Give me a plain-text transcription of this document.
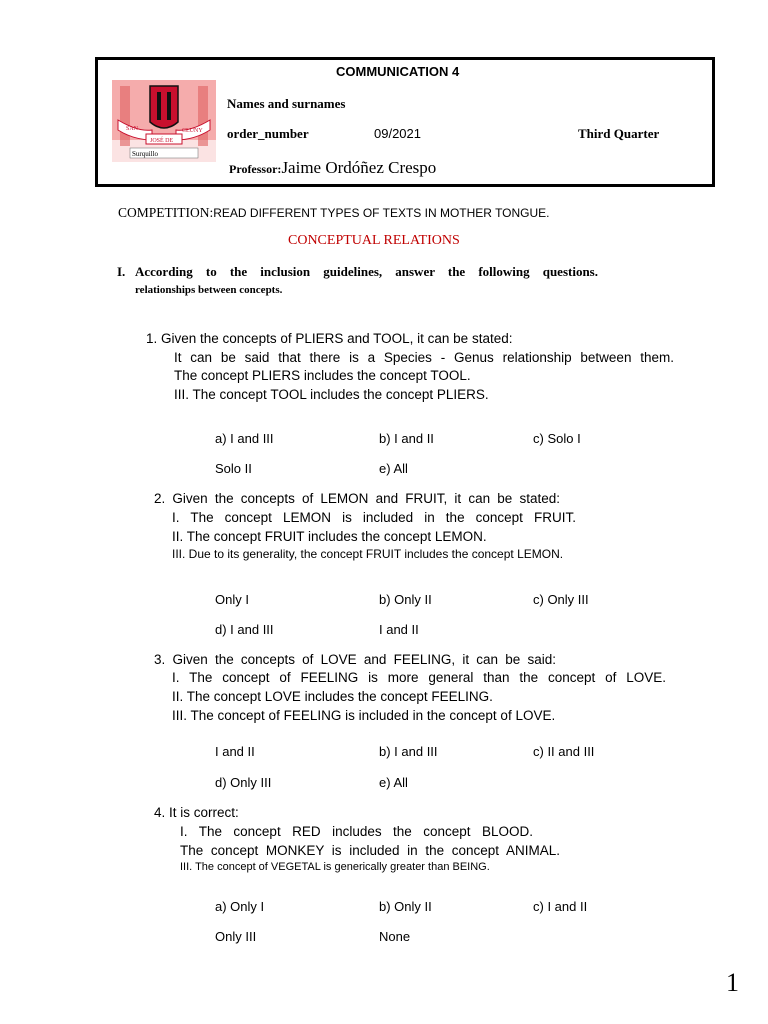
SAN
JOSÉ DE
CLUNY
Surquillo
COMMUNICATION 4
Names and surnames
order_number	09/2021	Third Quarter
Professor:Jaime Ordóñez Crespo
COMPETITION:READ DIFFERENT TYPES OF TEXTS IN MOTHER TONGUE.
CONCEPTUAL RELATIONS
I. According to the inclusion guidelines, answer the following questions.
relationships between concepts.
1. Given the concepts of PLIERS and TOOL, it can be stated:
It can be said that there is a Species - Genus relationship between them.
The concept PLIERS includes the concept TOOL.
III. The concept TOOL includes the concept PLIERS.
a) I and III	b) I and II	c) Solo I
Solo II	e) All
2. Given the concepts of LEMON and FRUIT, it can be stated:
I. The concept LEMON is included in the concept FRUIT.
II. The concept FRUIT includes the concept LEMON.
III. Due to its generality, the concept FRUIT includes the concept LEMON.
Only I	b) Only II	c) Only III
d) I and III	I and II
3. Given the concepts of LOVE and FEELING, it can be said:
I. The concept of FEELING is more general than the concept of LOVE.
II. The concept LOVE includes the concept FEELING.
III. The concept of FEELING is included in the concept of LOVE.
I and II	b) I and III	c) II and III
d) Only III	e) All
4. It is correct:
I. The concept RED includes the concept BLOOD.
The concept MONKEY is included in the concept ANIMAL.
III. The concept of VEGETAL is generically greater than BEING.
a) Only I	b) Only II	c) I and II
Only III	None
1
